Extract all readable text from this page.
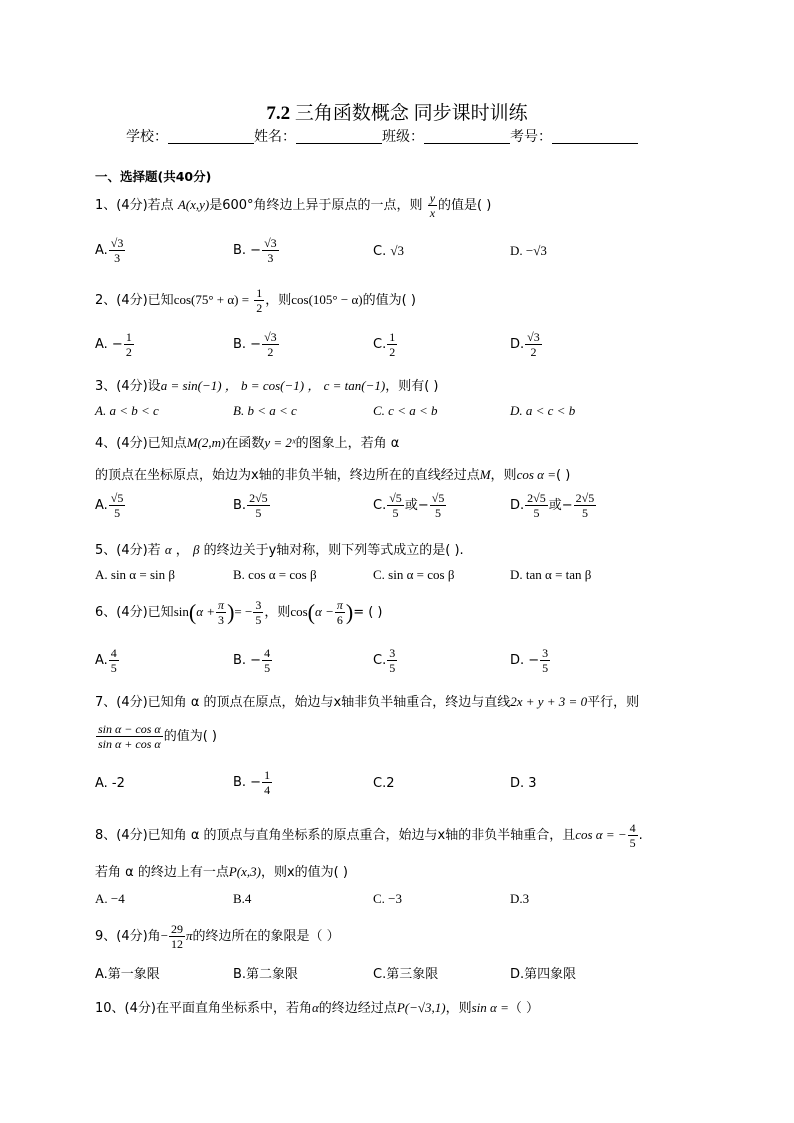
7.2 三角函数概念 同步课时训练
学校：	姓名：	班级：	考号：
一、选择题(共40分)
1、(4分)若点 A(x,y)是600°角终边上异于原点的一点，则 $\frac{y}{x}$ 的值是( )
A. $\frac{√3}{3}$	B. − $\frac{√3}{3}$	C. √3	D. −√3
2、(4分)已知$\cos(75^\circ + \alpha) = \frac{1}{2}$ ，则cos(105° − α)的值为( )
A. − $\frac{1}{2}$	B. − $\frac{√3}{2}$	C. $\frac{1}{2}$	D. $\frac{√3}{2}$
3、(4分)设a = sin(−1) ， b = cos(−1) ， c = tan(−1)，则有( )
A. a < b < c	B. b < a < c	C. c < a < b	D. a < c < b
4、(4分)已知点M(2,m)在函数y = 2ˣ的图象上，若角 α
的顶点在坐标原点，始边为x轴的非负半轴，终边所在的直线经过点M，则cos α =( )
A. $\frac{√5}{5}$	B. $\frac{2√5}{5}$	C. $\frac{√5}{5}$ 或− $\frac{√5}{5}$	D. $\frac{2√5}{5}$ 或− $\frac{2√5}{5}$
5、(4分)若 α ， β 的终边关于y轴对称，则下列等式成立的是( ).
A. sin α = sin β	B. cos α = cos β	C. sin α = cos β	D. tan α = tan β
6、(4分)已知$\sin(\alpha + \frac{\pi}{3}$ )= − $\frac{3}{5}$ ，则$\cos(\alpha - \frac{\pi}{6}$ )= ( )
A. $\frac{4}{5}$	B. − $\frac{4}{5}$	C. $\frac{3}{5}$	D. − $\frac{3}{5}$
7、(4分)已知角 α 的顶点在原点，始边与x轴非负半轴重合，终边与直线2x + y + 3 = 0平行，则
$\frac{\text{sin α − cos α}}{\text{sin α + cos α}}$ 的值为( )
A. -2	B. − $\frac{1}{4}$	C.2	D. 3
8、(4分)已知角 α 的顶点与直角坐标系的原点重合，始边与x轴的非负半轴重合，且cos α = − $\frac{4}{5}$ .
若角 α 的终边上有一点P(x,3)，则x的值为( )
A. −4	B.4	C. −3	D.3
9、(4分)角− $\frac{29}{12}$ π的终边所在的象限是（ ）
A.第一象限	B.第二象限	C.第三象限	D.第四象限
10、(4分)在平面直角坐标系中，若角α的终边经过点P(−√3,1)，则sin α =（ ）
